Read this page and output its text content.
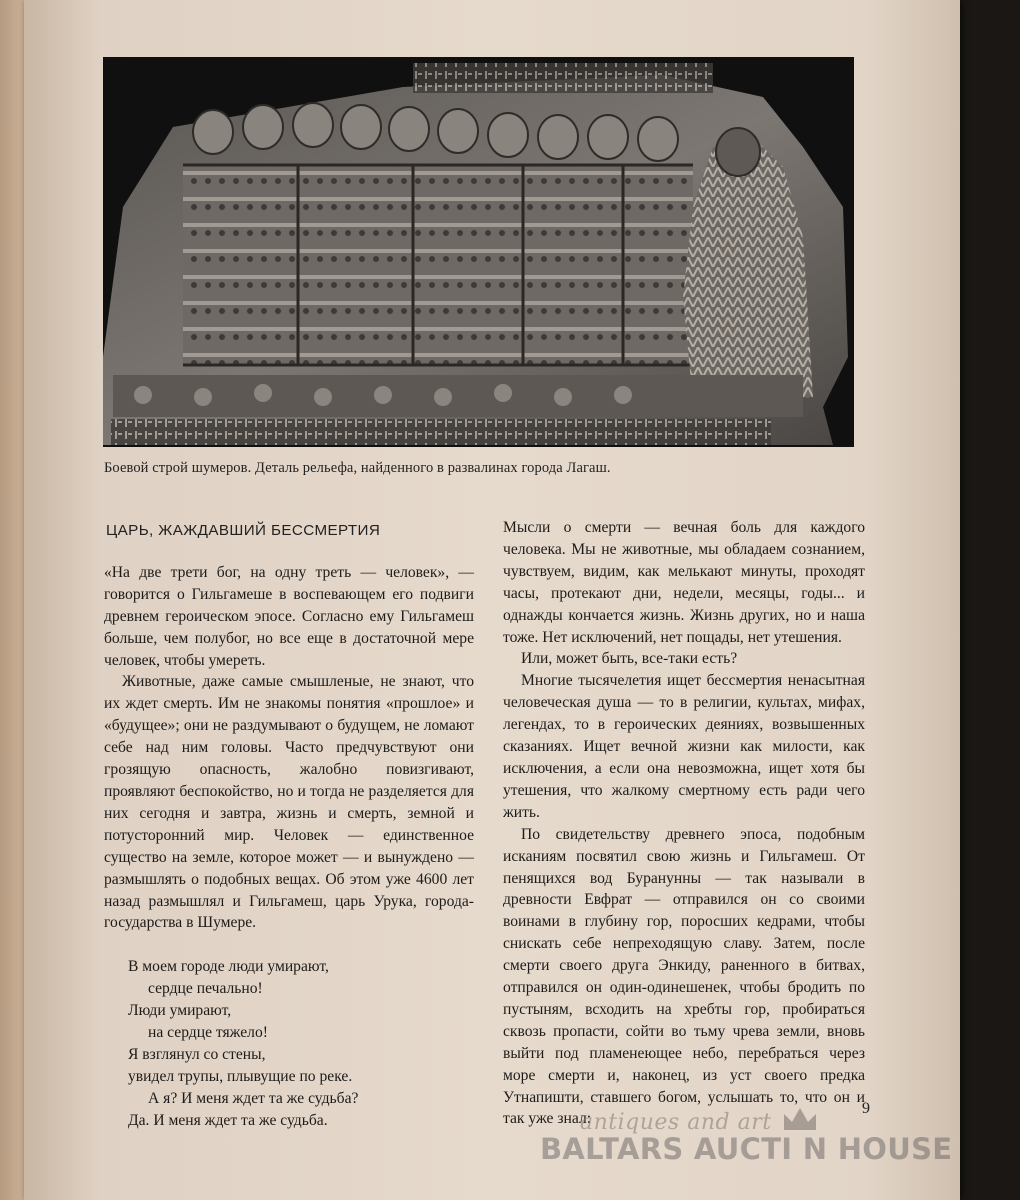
Боевой строй шумеров. Деталь рельефа, найденного в развалинах города Лагаш.
ЦАРЬ, ЖАЖДАВШИЙ БЕССМЕРТИЯ

«На две трети бог, на одну треть — человек», — говорится о Гильгамеше в воспевающем его подвиги древнем героическом эпосе. Согласно ему Гильгамеш больше, чем полубог, но все еще в достаточной мере человек, чтобы умереть.

Животные, даже самые смышленые, не знают, что их ждет смерть. Им не знакомы понятия «прошлое» и «будущее»; они не раздумывают о будущем, не ломают себе над ним головы. Часто предчувствуют они грозящую опасность, жалобно повизгивают, проявляют беспокойство, но и тогда не разделяется для них сегодня и завтра, жизнь и смерть, земной и потусторонний мир. Человек — единственное существо на земле, которое может — и вынуждено — размышлять о подобных вещах. Об этом уже 4600 лет назад размышлял и Гильгамеш, царь Урука, города-государства в Шумере.

В моем городе люди умирают,
сердце печально!
Люди умирают,
на сердце тяжело!
Я взглянул со стены,
увидел трупы, плывущие по реке.
А я? И меня ждет та же судьба?
Да. И меня ждет та же судьба.

Мысли о смерти — вечная боль для каждого человека. Мы не животные, мы обладаем сознанием, чувствуем, видим, как мелькают минуты, проходят часы, протекают дни, недели, месяцы, годы... и однажды кончается жизнь. Жизнь других, но и наша тоже. Нет исключений, нет пощады, нет утешения.

Или, может быть, все-таки есть?

Многие тысячелетия ищет бессмертия ненасытная человеческая душа — то в религии, культах, мифах, легендах, то в героических деяниях, возвышенных сказаниях. Ищет вечной жизни как милости, как исключения, а если она невозможна, ищет хотя бы утешения, что жалкому смертному есть ради чего жить.

По свидетельству древнего эпоса, подобным исканиям посвятил свою жизнь и Гильгамеш. От пенящихся вод Буранунны — так называли в древности Евфрат — отправился он со своими воинами в глубину гор, поросших кедрами, чтобы снискать себе непреходящую славу. Затем, после смерти своего друга Энкиду, раненного в битвах, отправился он один-одинешенек, чтобы бродить по пустыням, всходить на хребты гор, пробираться сквозь пропасти, сойти во тьму чрева земли, вновь выйти под пламенеющее небо, перебраться через море смерти и, наконец, из уст своего предка Утнапишти, ставшего богом, услышать то, что он и так уже знал:

9
antiques and art
BALTARS AUCTI N HOUSE
